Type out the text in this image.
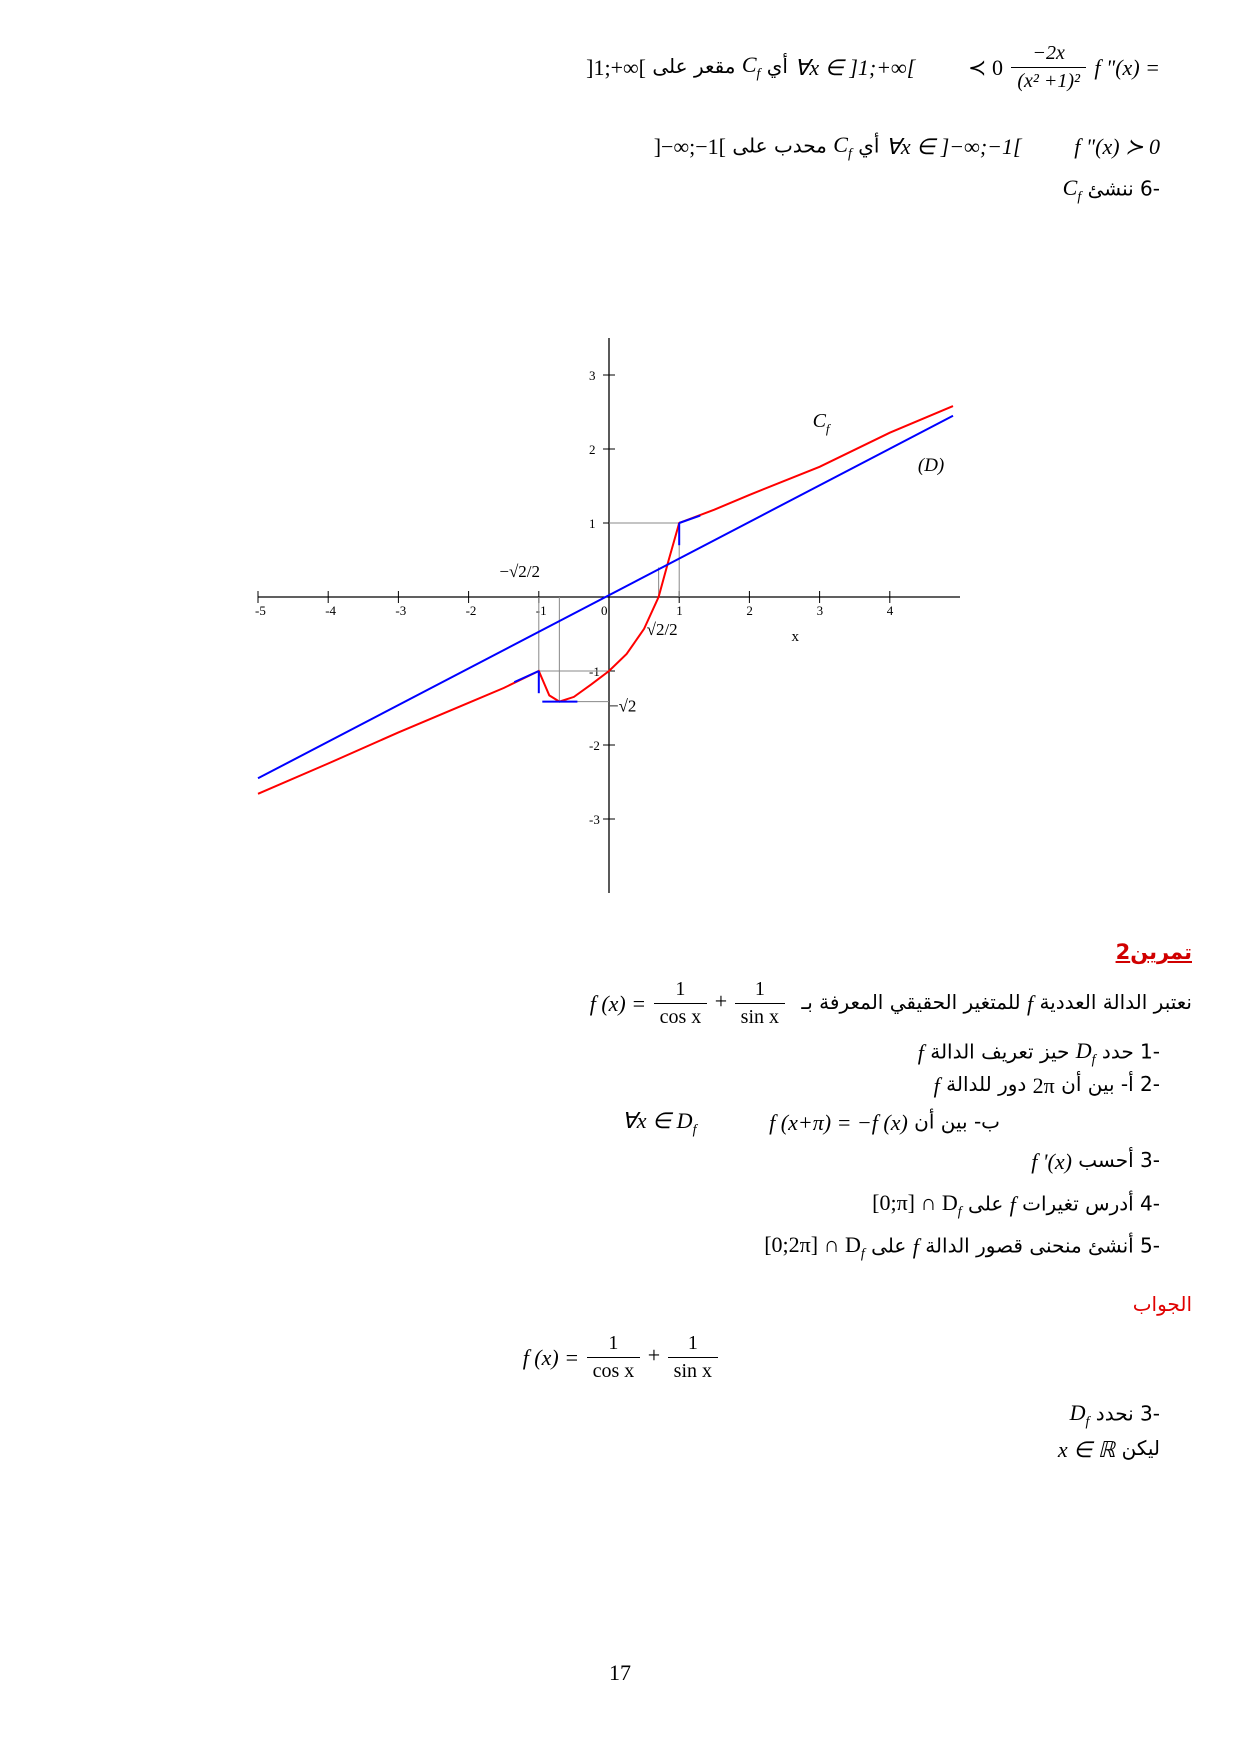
f "(x) =
$\frac{-2x}{\text{(x² +1)²}}$
≺ 0  ∀x ∈ ]1;+∞[ أي $C_f$ مقعر على ]1;+∞[
f "(x) ≻ 0  ∀x ∈ ]−∞;−1[ أي $C_f$ محدب على ]−∞;−1[
-6 ننشئ $C_f$
-5	-4	-3	-2	-1	0	1	2	3	4
-3
-2
-1
1
2
3
x
$C_f$
(D)
−√2/2
√2/2
−√2
تمرين2
نعتبر الدالة العددية f للمتغير الحقيقي المعرفة بـ f $(x) = \frac{1}{\text{cos x}} + \frac{1}{\text{sin x}}$
-1 حدد $D_f$ حيز تعريف الدالة f
-2 أ- بين أن 2π دور للدالة f
ب- بين أن f (x+π) = −f (x)  ∀x ∈ $D_f$
-3 أحسب f '(x)
-4 أدرس تغيرات f على [0;π] ∩ $D_f$
-5 أنشئ منحنى قصور الدالة f على [0;2π] ∩ $D_f$
الجواب
f $(x) = \frac{1}{\text{cos x}} + \frac{1}{\text{sin x}}$
-3 نحدد $D_f$
ليكن x ∈ ℝ
17
